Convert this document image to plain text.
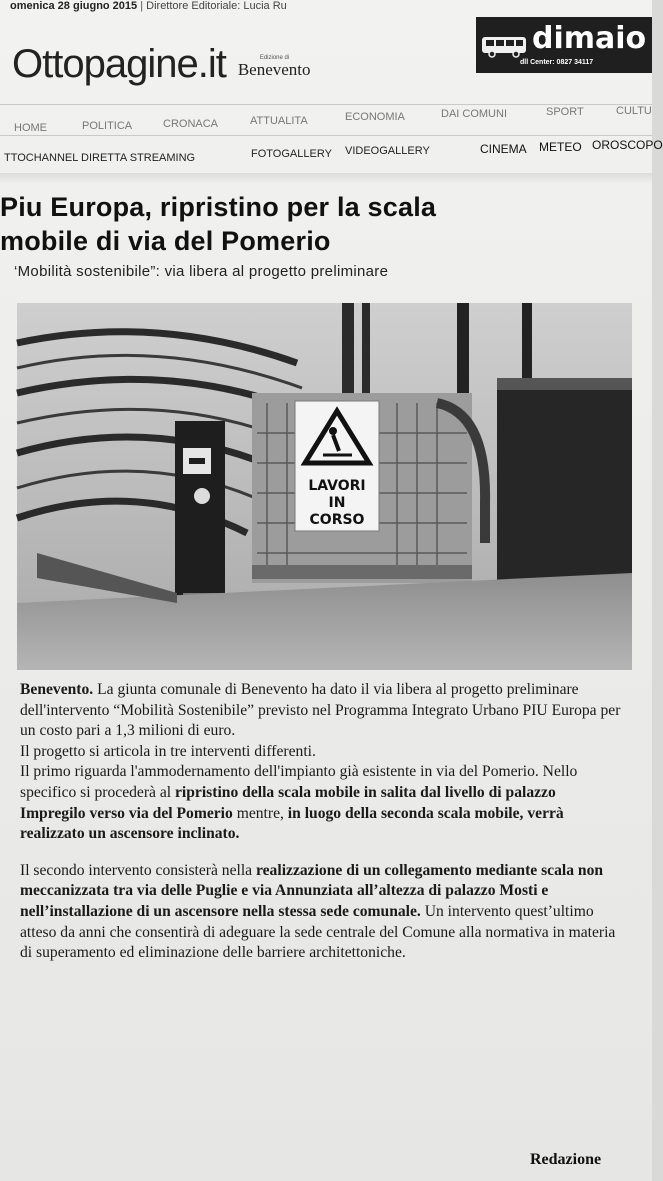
omenica 28 giugno 2015 | Direttore Editoriale: Lucia Ru
Ottopagine.it	Edizione di
Benevento
dimaio
dll Center: 0827 34117
HOME	POLITICA	CRONACA	ATTUALITA	ECONOMIA	DAI COMUNI	SPORT	CULTU
TTOCHANNEL DIRETTA STREAMING	FOTOGALLERY VIDEOGALLERY	CINEMA METEO OROSCOPO
Piu Europa, ripristino per la scala
mobile di via del Pomerio
‘Mobilità sostenibile”: via libera al progetto preliminare
LAVORI
IN
CORSO

Benevento. La giunta comunale di Benevento ha dato il via libera al progetto preliminare dell'intervento “Mobilità Sostenibile” previsto nel Programma Integrato Urbano PIU Europa per un costo pari a 1,3 milioni di euro.

Il progetto si articola in tre interventi differenti.

Il primo riguarda l'ammodernamento dell'impianto già esistente in via del Pomerio. Nello specifico si procederà al ripristino della scala mobile in salita dal livello di palazzo Impregilo verso via del Pomerio mentre, in luogo della seconda scala mobile, verrà realizzato un ascensore inclinato.

Il secondo intervento consisterà nella realizzazione di un collegamento mediante scala non meccanizzata tra via delle Puglie e via Annunziata all’altezza di palazzo Mosti e nell’installazione di un ascensore nella stessa sede comunale. Un intervento quest’ultimo atteso da anni che consentirà di adeguare la sede centrale del Comune alla normativa in materia di superamento ed eliminazione delle barriere architettoniche.

Redazione
